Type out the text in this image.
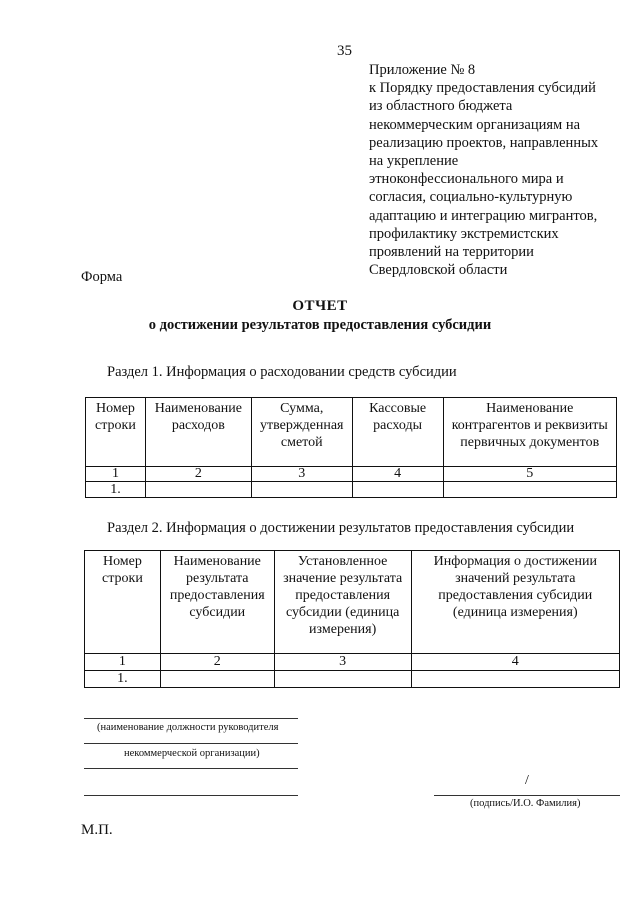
35
Приложение № 8
к Порядку предоставления субсидий
из областного бюджета
некоммерческим организациям на
реализацию проектов, направленных
на укрепление
этноконфессионального мира и
согласия, социально-культурную
адаптацию и интеграцию мигрантов,
профилактику экстремистских
проявлений на территории
Свердловской области
Форма
ОТЧЕТ
о достижении результатов предоставления субсидии
Раздел 1. Информация о расходовании средств субсидии
Номер строки	Наименование расходов	Сумма, утвержденная сметой	Кассовые расходы	Наименование контрагентов и реквизиты первичных документов
1	2	3	4	5
1.				
Раздел 2. Информация о достижении результатов предоставления субсидии
Номер строки	Наименование результата предоставления субсидии	Установленное значение результата предоставления субсидии (единица измерения)	Информация о достижении значений результата предоставления субсидии (единица измерения)
1	2	3	4
1.			
(наименование должности руководителя
некоммерческой организации)
/
(подпись/И.О. Фамилия)
М.П.
